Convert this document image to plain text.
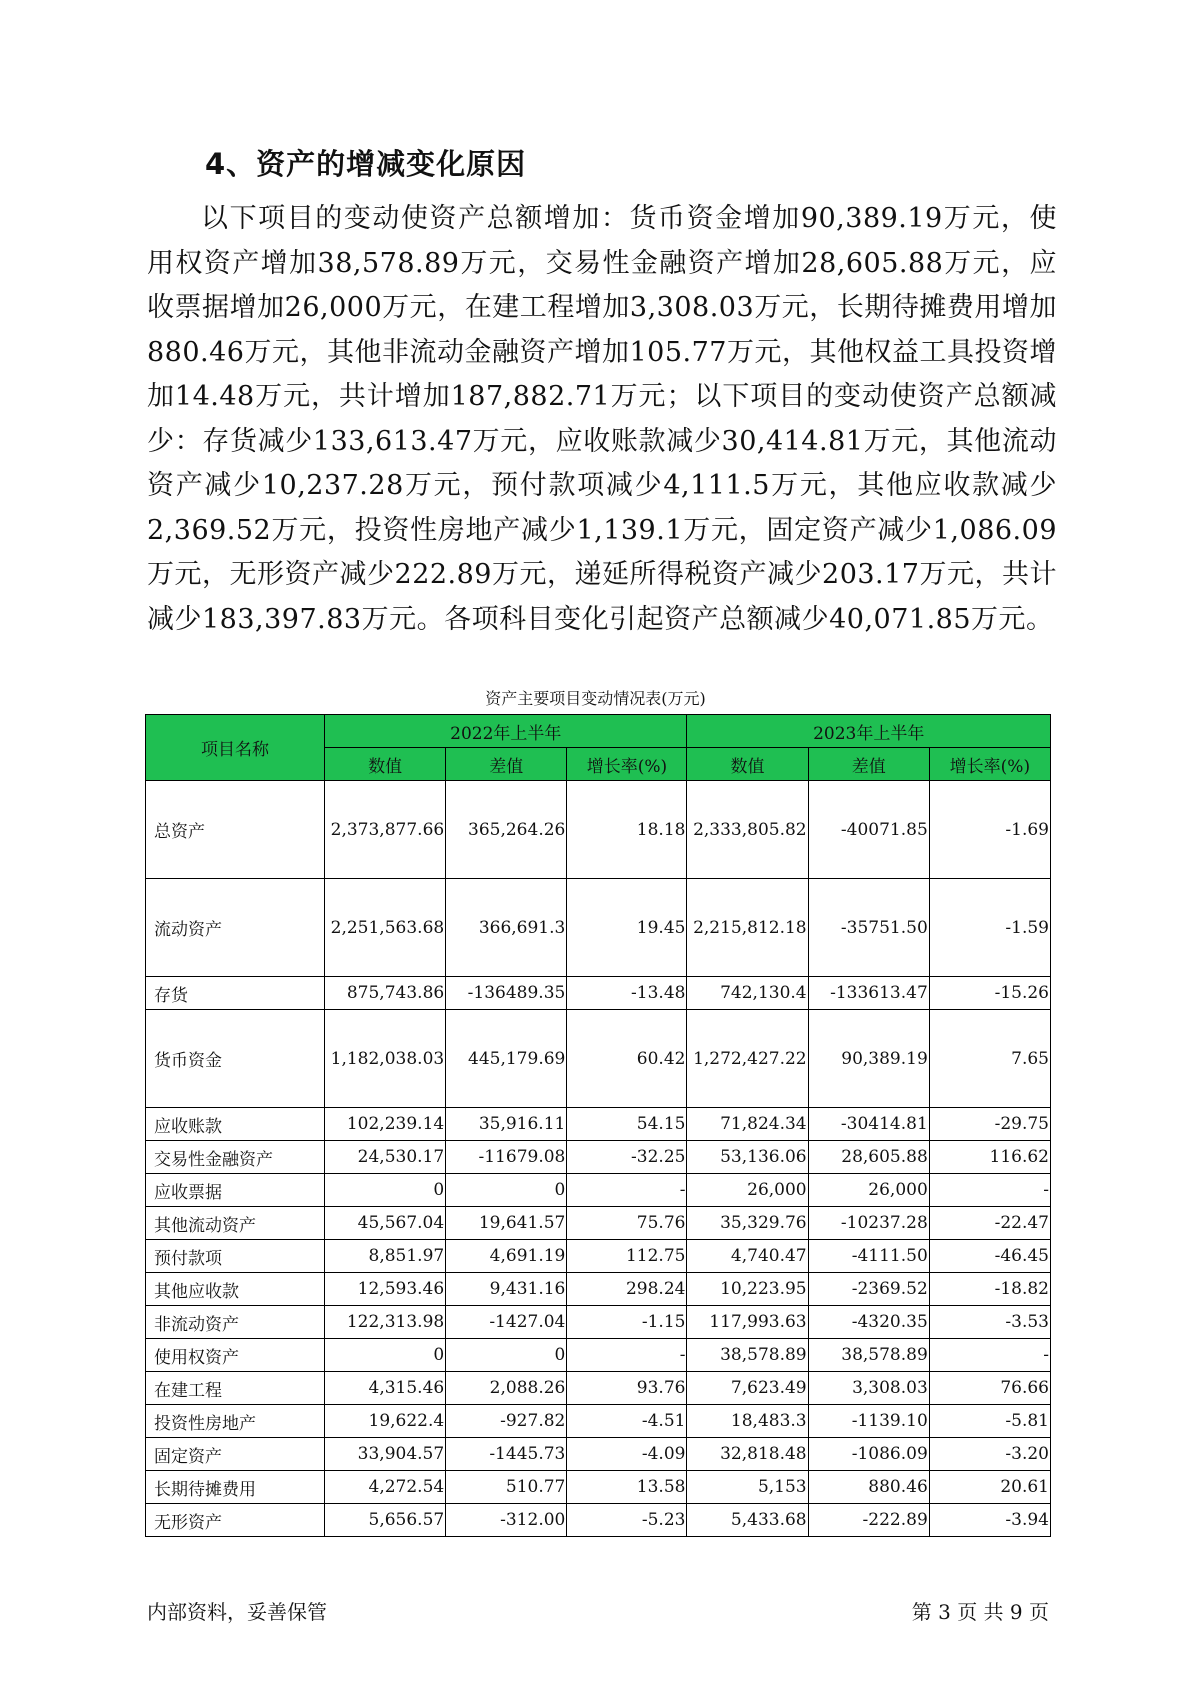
4、资产的增减变化原因
以下项目的变动使资产总额增加：货币资金增加90,389.19万元，使用权资产增加38,578.89万元，交易性金融资产增加28,605.88万元，应收票据增加26,000万元，在建工程增加3,308.03万元，长期待摊费用增加880.46万元，其他非流动金融资产增加105.77万元，其他权益工具投资增加14.48万元，共计增加187,882.71万元；以下项目的变动使资产总额减少：存货减少133,613.47万元，应收账款减少30,414.81万元，其他流动资产减少10,237.28万元，预付款项减少4,111.5万元，其他应收款减少2,369.52万元，投资性房地产减少1,139.1万元，固定资产减少1,086.09万元，无形资产减少222.89万元，递延所得税资产减少203.17万元，共计减少183,397.83万元。各项科目变化引起资产总额减少40,071.85万元。
资产主要项目变动情况表(万元)
项目名称	2022年上半年			2023年上半年		
	数值	差值	增长率(%)	数值	差值	增长率(%)
总资产	2,373,877.66	365,264.26	18.18	2,333,805.82	-40071.85	-1.69
流动资产	2,251,563.68	366,691.3	19.45	2,215,812.18	-35751.50	-1.59
存货	875,743.86	-136489.35	-13.48	742,130.4	-133613.47	-15.26
货币资金	1,182,038.03	445,179.69	60.42	1,272,427.22	90,389.19	7.65
应收账款	102,239.14	35,916.11	54.15	71,824.34	-30414.81	-29.75
交易性金融资产	24,530.17	-11679.08	-32.25	53,136.06	28,605.88	116.62
应收票据	0	0	-	26,000	26,000	-
其他流动资产	45,567.04	19,641.57	75.76	35,329.76	-10237.28	-22.47
预付款项	8,851.97	4,691.19	112.75	4,740.47	-4111.50	-46.45
其他应收款	12,593.46	9,431.16	298.24	10,223.95	-2369.52	-18.82
非流动资产	122,313.98	-1427.04	-1.15	117,993.63	-4320.35	-3.53
使用权资产	0	0	-	38,578.89	38,578.89	-
在建工程	4,315.46	2,088.26	93.76	7,623.49	3,308.03	76.66
投资性房地产	19,622.4	-927.82	-4.51	18,483.3	-1139.10	-5.81
固定资产	33,904.57	-1445.73	-4.09	32,818.48	-1086.09	-3.20
长期待摊费用	4,272.54	510.77	13.58	5,153	880.46	20.61
无形资产	5,656.57	-312.00	-5.23	5,433.68	-222.89	-3.94
内部资料，妥善保管	第 3 页 共 9 页
